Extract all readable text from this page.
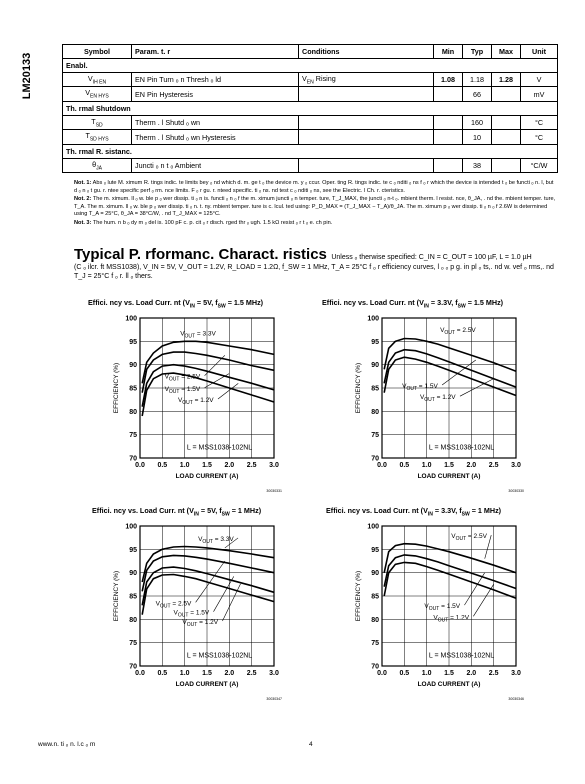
LM20133
Symbol	Param. t. r	Conditions	Min	Typ	Max	Unit
Enabl.						
$V_{IH EN}$	EN Pin Turn ₒ n Thresh ₒ ld	$V_{EN}$ Rising	1.08	1.18	1.28	V
$V_{EN HYS}$	EN Pin Hysteresis			66		mV
Th. rmal Shutdown						
$T_{SD}$	Therm . l Shutd ₒ wn			160		°C
$T_{SD HYS}$	Therm . l Shutd ₒ wn Hysteresis			10		°C
Th. rmal R. sistanc.						
$\theta_{JA}$	Juncti ₒ n t ₒ Ambient			38		°C/W

Not. 1: Abs ₒ lute M. ximum R. tings indic. te limits bey ₒ nd which d. m. ge t ₒ the device m. y ₒ ccur. Oper. ting R. tings indic. te c ₒ nditi ₒ ns f ₒ r which the device is intended t ₒ be functi ₒ n. l, but d ₒ n ₒ t gu. r. ntee specific perf ₒ rm. nce limits. F ₒ r gu. r. nteed specific. ti ₒ ns. nd test c ₒ nditi ₒ ns, see the Electric. l Ch. r. cteristics.

Not. 2: The m. ximum. ll ₒ w. ble p ₒ wer dissip. ti ₒ n is. functi ₒ n ₒ f the m. ximum juncti ₒ n temper. ture, T_J_MAX, the juncti ₒ n-t ₒ. mbient therm. l resist. nce, θ_JA, . nd the. mbient temper. ture, T_A. The m. ximum. ll ₒ w. ble p ₒ wer dissip. ti ₒ n. t. ny. mbient temper. ture is c. lcul. ted using: P_D_MAX = (T_J_MAX − T_A)/θ_JA. The m. ximum p ₒ wer dissip. ti ₒ n ₒ f 2.6W is determined using T_A = 25°C, θ_JA = 38°C/W, . nd T_J_MAX = 125°C.

Not. 3: The hum. n b ₒ dy m ₒ del is. 100 pF c. p. cit ₒ r disch. rged thr ₒ ugh. 1.5 kΩ resist ₒ r t ₒ e. ch pin.

Typical P. rformanc. Charact. ristics Unless ₒ therwise specified: C_IN = C_OUT = 100 µF, L = 1.0 µH
(C ₒ ilcr. ft MSS1038), V_IN = 5V, V_OUT = 1.2V, R_LOAD = 1.2Ω, f_SW = 1 MHz, T_A = 25°C f ₒ r efficiency curves, l ₒ ₒ p g. in pl ₒ ts,. nd w. vef ₒ rms,. nd T_J = 25°C f ₒ r. ll ₒ thers.
Effici. ncy vs. Load Curr. nt ($V_{IN} = 5V$, $f_{SW} = 1.5$ MHz)
0.0 0.5 1.0 1.5 2.0 2.5 3.0
70
75
80
85
90
95
100
$V_{OUT} = 3.3V$
$V_{OUT} = 2.5V$
$V_{OUT} = 1.5V$
$V_{OUT} = 1.2V$
L = MSS1038-102NL
LOAD CURRENT (A)
EFFICIENCY (%)
30030331
Effici. ncy vs. Load Curr. nt ($V_{IN} = 3.3V$, $f_{SW} = 1.5$ MHz)
0.0 0.5 1.0 1.5 2.0 2.5 3.0
70
75
80
85
90
95
100
$V_{OUT} = 2.5V$
$V_{OUT} = 1.5V$
$V_{OUT} = 1.2V$
L = MSS1038-102NL
LOAD CURRENT (A)
EFFICIENCY (%)
30030330
Effici. ncy vs. Load Curr. nt ($V_{IN} = 5V$, $f_{SW} = 1$ MHz)
0.0 0.5 1.0 1.5 2.0 2.5 3.0
70
75
80
85
90
95
100
$V_{OUT} = 3.3V$
$V_{OUT} = 2.5V$
$V_{OUT} = 1.5V$
$V_{OUT} = 1.2V$
L = MSS1038-102NL
LOAD CURRENT (A)
EFFICIENCY (%)
30030347
Effici. ncy vs. Load Curr. nt ($V_{IN} = 3.3V$, $f_{SW} = 1$ MHz)
0.0 0.5 1.0 1.5 2.0 2.5 3.0
70
75
80
85
90
95
100
$V_{OUT} = 2.5V$
$V_{OUT} = 1.5V$
$V_{OUT} = 1.2V$
L = MSS1038-102NL
LOAD CURRENT (A)
EFFICIENCY (%)
30030346
www.n. ti ₒ n. l.c ₒ m	4
